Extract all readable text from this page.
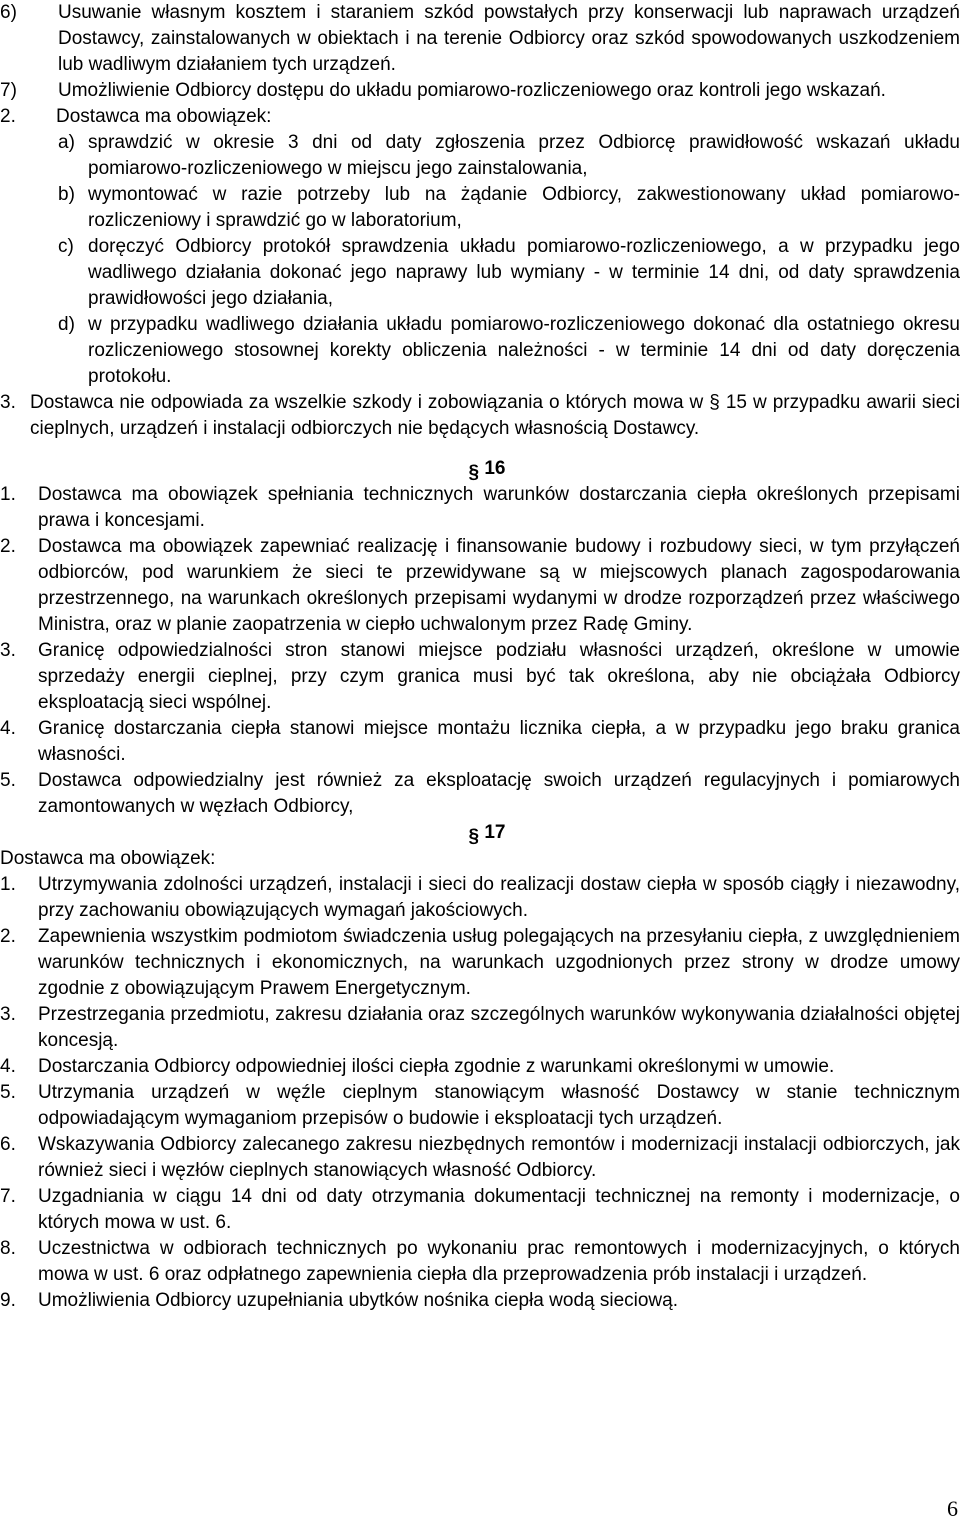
6)	Usuwanie własnym kosztem i staraniem szkód powstałych przy konserwacji lub naprawach urządzeń Dostawcy, zainstalowanych w obiektach i na terenie Odbiorcy oraz szkód spowodowanych uszkodzeniem lub wadliwym działaniem tych urządzeń.

7)	Umożliwienie Odbiorcy dostępu do układu pomiarowo-rozliczeniowego oraz kontroli jego wskazań.

2.	Dostawca ma obowiązek:

a) sprawdzić w okresie 3 dni od daty zgłoszenia przez Odbiorcę prawidłowość wskazań układu pomiarowo-rozliczeniowego w miejscu jego zainstalowania,
b) wymontować w razie potrzeby lub na żądanie Odbiorcy, zakwestionowany układ pomiarowo-rozliczeniowy i sprawdzić go w laboratorium,
c) doręczyć Odbiorcy protokół sprawdzenia układu pomiarowo-rozliczeniowego, a w przypadku jego wadliwego działania dokonać jego naprawy lub wymiany - w terminie 14 dni, od daty sprawdzenia prawidłowości jego działania,
d) w przypadku wadliwego działania układu pomiarowo-rozliczeniowego dokonać dla ostatniego okresu rozliczeniowego stosownej korekty obliczenia należności - w terminie 14 dni od daty doręczenia protokołu.
3. Dostawca nie odpowiada za wszelkie szkody i zobowiązania o których mowa w § 15 w przypadku awarii sieci cieplnych, urządzeń i instalacji odbiorczych nie będących własnością Dostawcy.

§ 16
1.	Dostawca ma obowiązek spełniania technicznych warunków dostarczania ciepła określonych przepisami prawa i koncesjami.

2.	Dostawca ma obowiązek zapewniać realizację i finansowanie budowy i rozbudowy sieci, w tym przyłączeń odbiorców, pod warunkiem że sieci te przewidywane są w miejscowych planach zagospodarowania przestrzennego, na warunkach określonych przepisami wydanymi w drodze rozporządzeń przez właściwego Ministra, oraz w planie zaopatrzenia w ciepło uchwalonym przez Radę Gminy.

3.	Granicę odpowiedzialności stron stanowi miejsce podziału własności urządzeń, określone w umowie sprzedaży energii cieplnej, przy czym granica musi być tak określona, aby nie obciążała Odbiorcy eksploatacją sieci wspólnej.

4.	Granicę dostarczania ciepła stanowi miejsce montażu licznika ciepła, a w przypadku jego braku granica własności.

5.	Dostawca odpowiedzialny jest również za eksploatację swoich urządzeń regulacyjnych i pomiarowych zamontowanych w węzłach Odbiorcy,

§ 17

Dostawca ma obowiązek:

1.	Utrzymywania zdolności urządzeń, instalacji i sieci do realizacji dostaw ciepła w sposób ciągły i niezawodny, przy zachowaniu obowiązujących wymagań jakościowych.

2.	Zapewnienia wszystkim podmiotom świadczenia usług polegających na przesyłaniu ciepła, z uwzględnieniem warunków technicznych i ekonomicznych, na warunkach uzgodnionych przez strony w drodze umowy zgodnie z obowiązującym Prawem Energetycznym.

3.	Przestrzegania przedmiotu, zakresu działania oraz szczególnych warunków wykonywania działalności objętej koncesją.

4.	Dostarczania Odbiorcy odpowiedniej ilości ciepła zgodnie z warunkami określonymi w umowie.

5.	Utrzymania urządzeń w węźle cieplnym stanowiącym własność Dostawcy w stanie technicznym odpowiadającym wymaganiom przepisów o budowie i eksploatacji tych urządzeń.

6.	Wskazywania Odbiorcy zalecanego zakresu niezbędnych remontów i modernizacji instalacji odbiorczych, jak również sieci i węzłów cieplnych stanowiących własność Odbiorcy.

7.	Uzgadniania w ciągu 14 dni od daty otrzymania dokumentacji technicznej na remonty i modernizacje, o których mowa w ust. 6.

8.	Uczestnictwa w odbiorach technicznych po wykonaniu prac remontowych i modernizacyjnych, o których mowa w ust. 6 oraz odpłatnego zapewnienia ciepła dla przeprowadzenia prób instalacji i urządzeń.

9.	Umożliwienia Odbiorcy uzupełniania ubytków nośnika ciepła wodą sieciową.

6
